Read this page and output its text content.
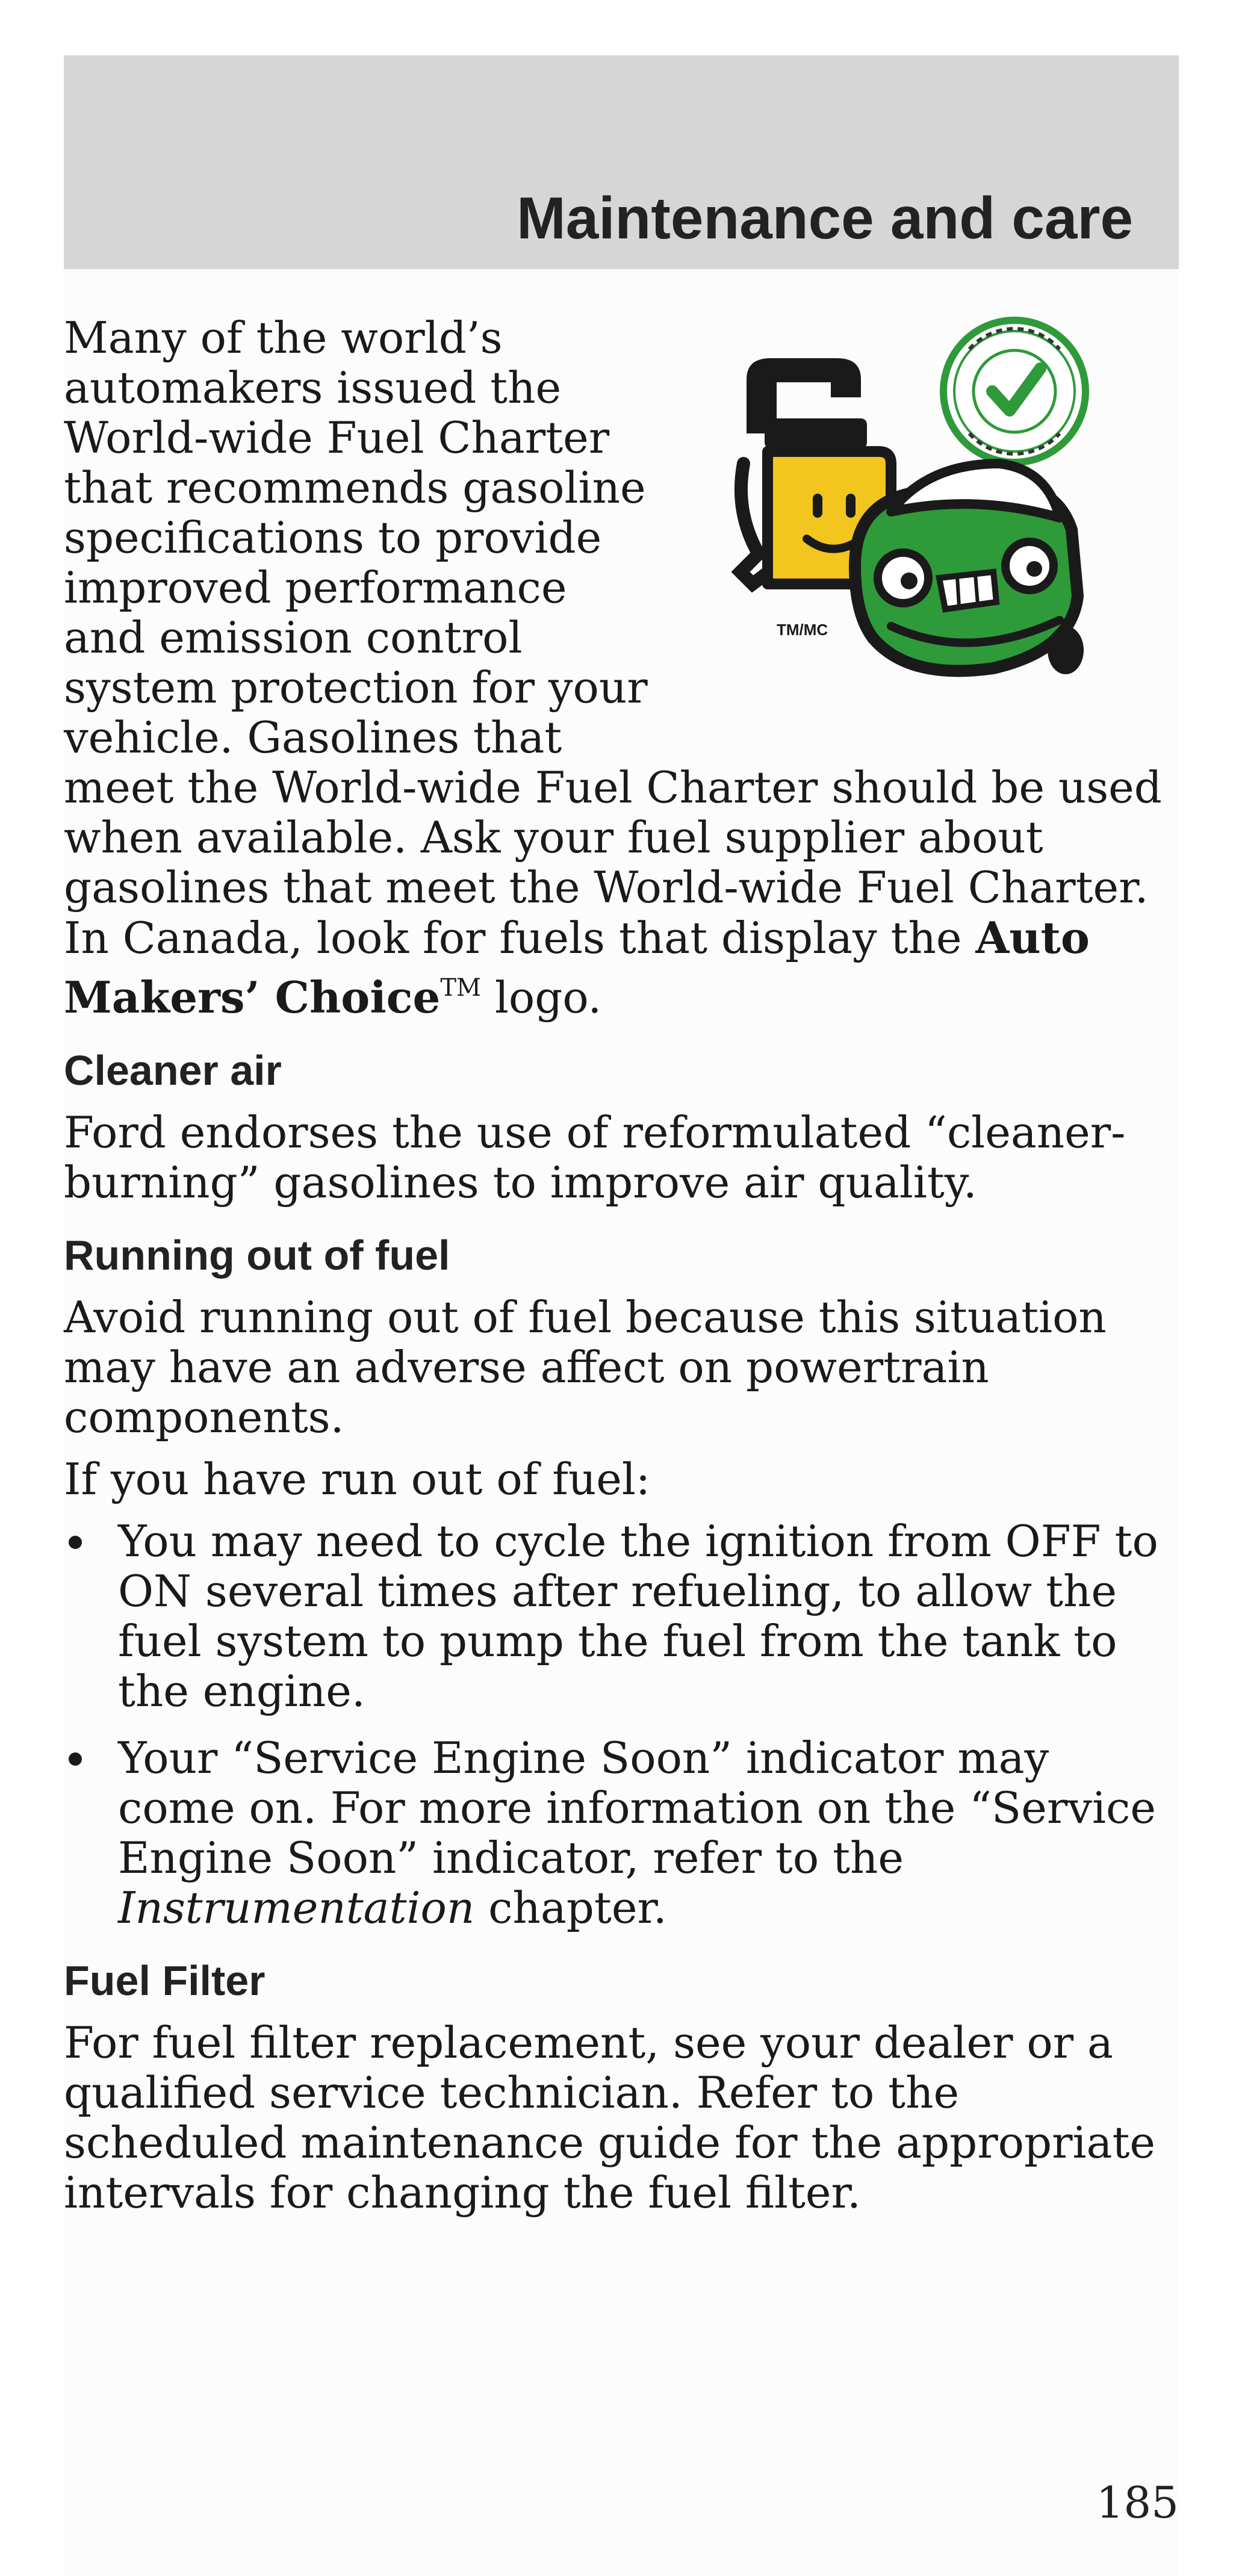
Maintenance and care
TM/MC

Many of the world’s automakers issued the World-wide Fuel Charter that recommends gasoline specifications to provide improved performance and emission control system protection for your vehicle. Gasolines that meet the World-wide Fuel Charter should be used when available. Ask your fuel supplier about gasolines that meet the World-wide Fuel Charter. In Canada, look for fuels that display the Auto Makers’ Choice™ logo.

Cleaner air

Ford endorses the use of reformulated “cleaner-burning” gasolines to improve air quality.

Running out of fuel

Avoid running out of fuel because this situation may have an adverse affect on powertrain components.

If you have run out of fuel:

You may need to cycle the ignition from OFF to ON several times after refueling, to allow the fuel system to pump the fuel from the tank to the engine.
Your “Service Engine Soon” indicator may come on. For more information on the “Service Engine Soon” indicator, refer to the Instrumentation chapter.
Fuel Filter

For fuel filter replacement, see your dealer or a qualified service technician. Refer to the scheduled maintenance guide for the appropriate intervals for changing the fuel filter.

185
